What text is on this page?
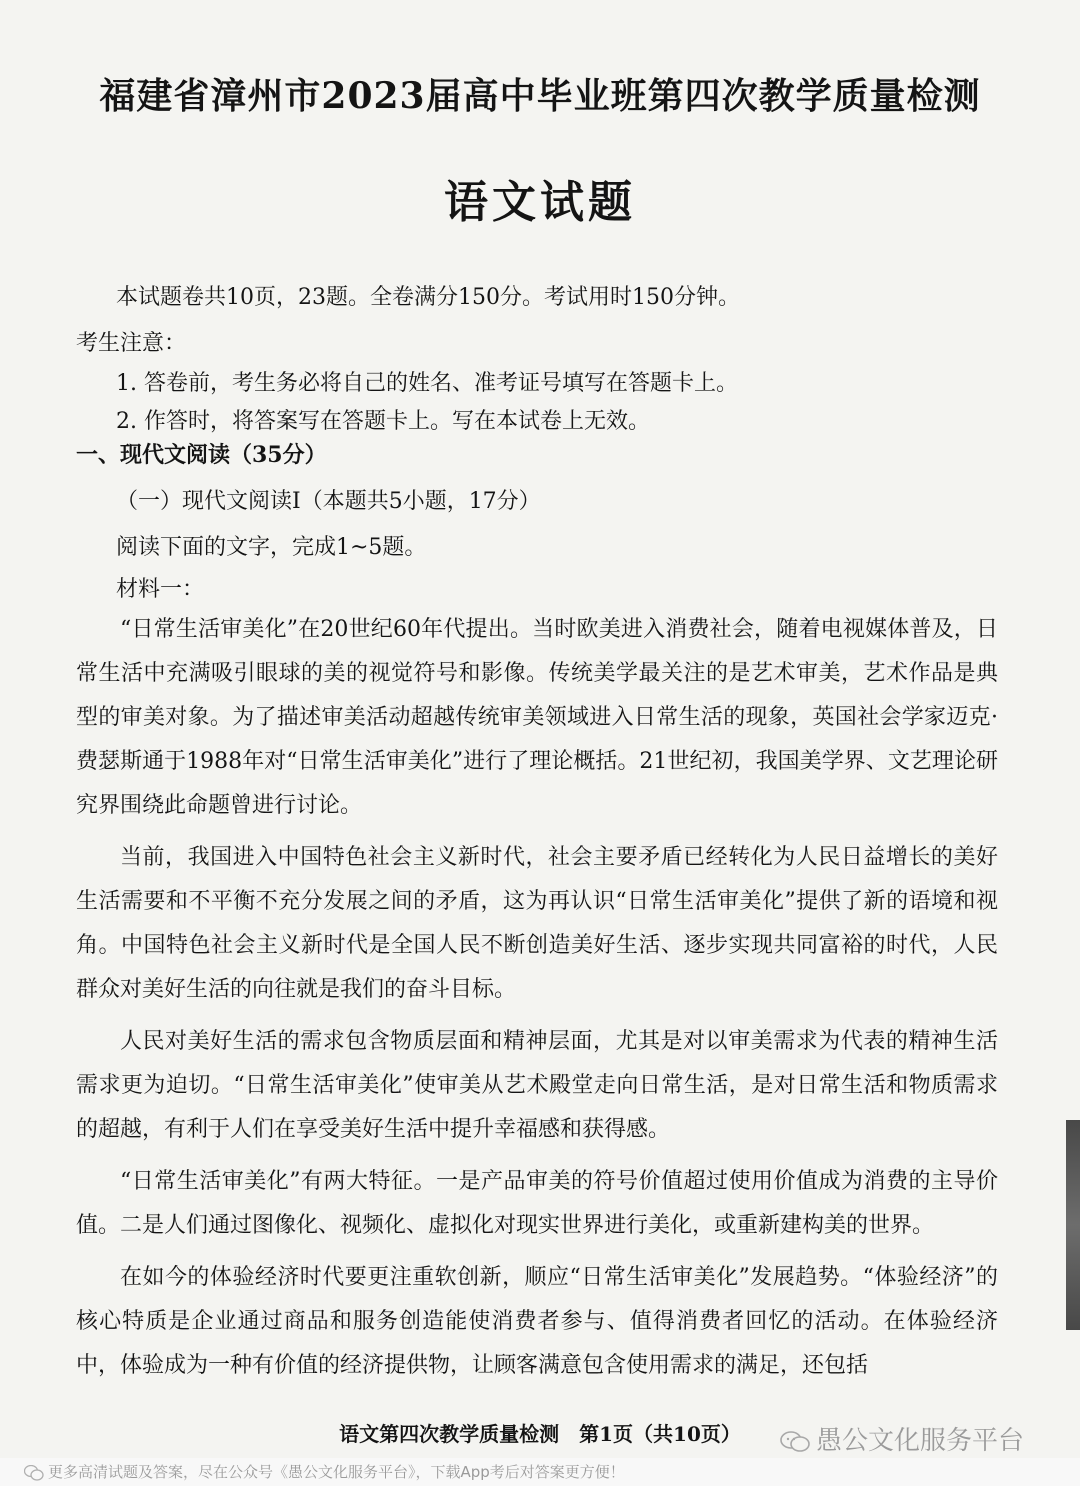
福建省漳州市2023届高中毕业班第四次教学质量检测
语文试题
本试题卷共10页，23题。全卷满分150分。考试用时150分钟。
考生注意：
1. 答卷前，考生务必将自己的姓名、准考证号填写在答题卡上。
2. 作答时，将答案写在答题卡上。写在本试卷上无效。
一、现代文阅读（35分）
（一）现代文阅读Ⅰ（本题共5小题，17分）
阅读下面的文字，完成1~5题。
材料一：

“日常生活审美化”在20世纪60年代提出。当时欧美进入消费社会，随着电视媒体普及，日常生活中充满吸引眼球的美的视觉符号和影像。传统美学最关注的是艺术审美，艺术作品是典型的审美对象。为了描述审美活动超越传统审美领域进入日常生活的现象，英国社会学家迈克·费瑟斯通于1988年对“日常生活审美化”进行了理论概括。21世纪初，我国美学界、文艺理论研究界围绕此命题曾进行讨论。

当前，我国进入中国特色社会主义新时代，社会主要矛盾已经转化为人民日益增长的美好生活需要和不平衡不充分发展之间的矛盾，这为再认识“日常生活审美化”提供了新的语境和视角。中国特色社会主义新时代是全国人民不断创造美好生活、逐步实现共同富裕的时代，人民群众对美好生活的向往就是我们的奋斗目标。

人民对美好生活的需求包含物质层面和精神层面，尤其是对以审美需求为代表的精神生活需求更为迫切。“日常生活审美化”使审美从艺术殿堂走向日常生活，是对日常生活和物质需求的超越，有利于人们在享受美好生活中提升幸福感和获得感。

“日常生活审美化”有两大特征。一是产品审美的符号价值超过使用价值成为消费的主导价值。二是人们通过图像化、视频化、虚拟化对现实世界进行美化，或重新建构美的世界。

在如今的体验经济时代要更注重软创新，顺应“日常生活审美化”发展趋势。“体验经济”的核心特质是企业通过商品和服务创造能使消费者参与、值得消费者回忆的活动。在体验经济中，体验成为一种有价值的经济提供物，让顾客满意包含使用需求的满足，还包括

语文第四次教学质量检测　第1页（共10页）	愚公文化服务平台
更多高清试题及答案，尽在公众号《愚公文化服务平台》，下载App考后对答案更方便！
